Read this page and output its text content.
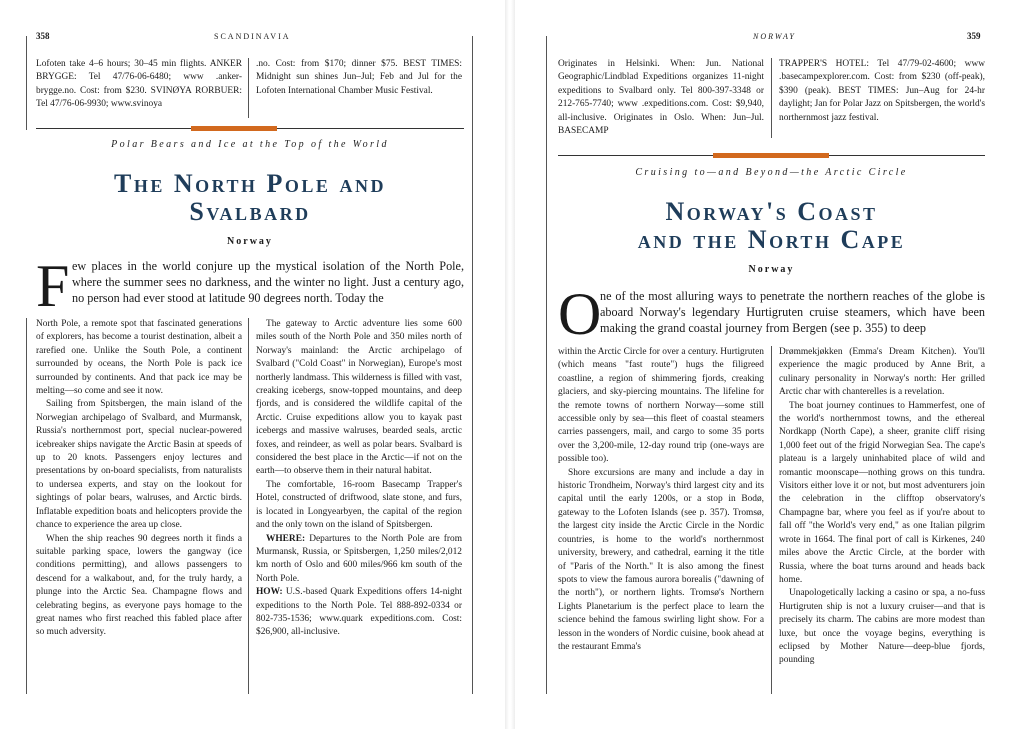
358	SCANDINAVIA

Lofoten take 4–6 hours; 30–45 min flights. ANKER BRYGGE: Tel 47/76-06-6480; www .anker-brygge.no. Cost: from $230. SVINØYA RORBUER: Tel 47/76-06-9930; www.svinoya

.no. Cost: from $170; dinner $75. BEST TIMES: Midnight sun shines Jun–Jul; Feb and Jul for the Lofoten International Chamber Music Festival.

Polar Bears and Ice at the Top of the World
The North Pole and
Svalbard
Norway
F ew places in the world conjure up the mystical isolation of the North Pole, where the summer sees no darkness, and the winter no light. Just a century ago, no person had ever stood at latitude 90 degrees north. Today the

North Pole, a remote spot that fascinated generations of explorers, has become a tourist destination, albeit a rarefied one. Unlike the South Pole, a continent surrounded by oceans, the North Pole is pack ice surrounded by continents. And that pack ice may be melting—so come and see it now.

Sailing from Spitsbergen, the main island of the Norwegian archipelago of Svalbard, and Murmansk, Russia's northernmost port, special nuclear-powered icebreaker ships navigate the Arctic Basin at speeds of up to 20 knots. Passengers enjoy lectures and presentations by on-board specialists, from naturalists to undersea experts, and stay on the lookout for sightings of polar bears, walruses, and Arctic birds. Inflatable expedition boats and helicopters provide the chance to experience the area up close.

When the ship reaches 90 degrees north it finds a suitable parking space, lowers the gangway (ice conditions permitting), and allows passengers to descend for a walkabout, and, for the truly hardy, a plunge into the Arctic Sea. Champagne flows and celebrating begins, as everyone pays homage to the great names who first reached this fabled place after so much adversity.

The gateway to Arctic adventure lies some 600 miles south of the North Pole and 350 miles north of Norway's mainland: the Arctic archipelago of Svalbard ("Cold Coast" in Norwegian), Europe's most northerly landmass. This wilderness is filled with vast, creaking icebergs, snow-topped mountains, and deep fjords, and is considered the wildlife capital of the Arctic. Cruise expeditions allow you to kayak past icebergs and massive walruses, bearded seals, arctic foxes, and reindeer, as well as polar bears. Svalbard is considered the best place in the Arctic—if not on the earth—to observe them in their natural habitat.

The comfortable, 16-room Basecamp Trapper's Hotel, constructed of driftwood, slate stone, and furs, is located in Longyearbyen, the capital of the region and the only town on the island of Spitsbergen.

WHERE: Departures to the North Pole are from Murmansk, Russia, or Spitsbergen, 1,250 miles/2,012 km north of Oslo and 600 miles/966 km south of the North Pole.

HOW: U.S.-based Quark Expeditions offers 14-night expeditions to the North Pole. Tel 888-892-0334 or 802-735-1536; www.quark expeditions.com. Cost: $26,900, all-inclusive.

NORWAY	359

Originates in Helsinki. When: Jun. National Geographic/Lindblad Expeditions organizes 11-night expeditions to Svalbard only. Tel 800-397-3348 or 212-765-7740; www .expeditions.com. Cost: $9,940, all-inclusive. Originates in Oslo. When: Jun–Jul. BASECAMP

TRAPPER'S HOTEL: Tel 47/79-02-4600; www .basecampexplorer.com. Cost: from $230 (off-peak), $390 (peak). BEST TIMES: Jun–Aug for 24-hr daylight; Jan for Polar Jazz on Spitsbergen, the world's northernmost jazz festival.

Cruising to—and Beyond—the Arctic Circle
Norway's Coast
and the North Cape
Norway
O
ne of the most alluring ways to penetrate the northern reaches of the globe is aboard Norway's legendary Hurtigruten cruise steamers, which have been making the grand coastal journey from Bergen (see p. 355) to deep

within the Arctic Circle for over a century. Hurtigruten (which means "fast route") hugs the filigreed coastline, a region of shimmering fjords, creaking glaciers, and sky-piercing mountains. The lifeline for the remote towns of northern Norway—some still accessible only by sea—this fleet of coastal steamers carries passengers, mail, and cargo to some 35 ports over the 3,200-mile, 12-day round trip (one-ways are possible too).

Shore excursions are many and include a day in historic Trondheim, Norway's third largest city and its capital until the early 1200s, or a stop in Bodø, gateway to the Lofoten Islands (see p. 357). Tromsø, the largest city inside the Arctic Circle in the Nordic countries, is home to the world's northernmost university, brewery, and cathedral, earning it the title of "Paris of the North." It is also among the finest spots to view the famous aurora borealis ("dawning of the north"), or northern lights. Tromsø's Northern Lights Planetarium is the perfect place to learn the science behind the famous swirling light show. For a lesson in the wonders of Nordic cuisine, book ahead at the restaurant Emma's

Drømmekjøkken (Emma's Dream Kitchen). You'll experience the magic produced by Anne Brit, a culinary personality in Norway's north: Her grilled Arctic char with chanterelles is a revelation.

The boat journey continues to Hammerfest, one of the world's northernmost towns, and the ethereal Nordkapp (North Cape), a sheer, granite cliff rising 1,000 feet out of the frigid Norwegian Sea. The cape's plateau is a largely uninhabited place of wild and romantic moonscape—nothing grows on this tundra. Visitors either love it or not, but most adventurers join the celebration in the clifftop observatory's Champagne bar, where you feel as if you're about to fall off "the World's very end," as one Italian pilgrim wrote in 1664. The final port of call is Kirkenes, 240 miles above the Arctic Circle, at the border with Russia, where the boat turns around and heads back home.

Unapologetically lacking a casino or spa, a no-fuss Hurtigruten ship is not a luxury cruiser—and that is precisely its charm. The cabins are more modest than luxe, but once the voyage begins, everything is eclipsed by Mother Nature—deep-blue fjords, pounding
